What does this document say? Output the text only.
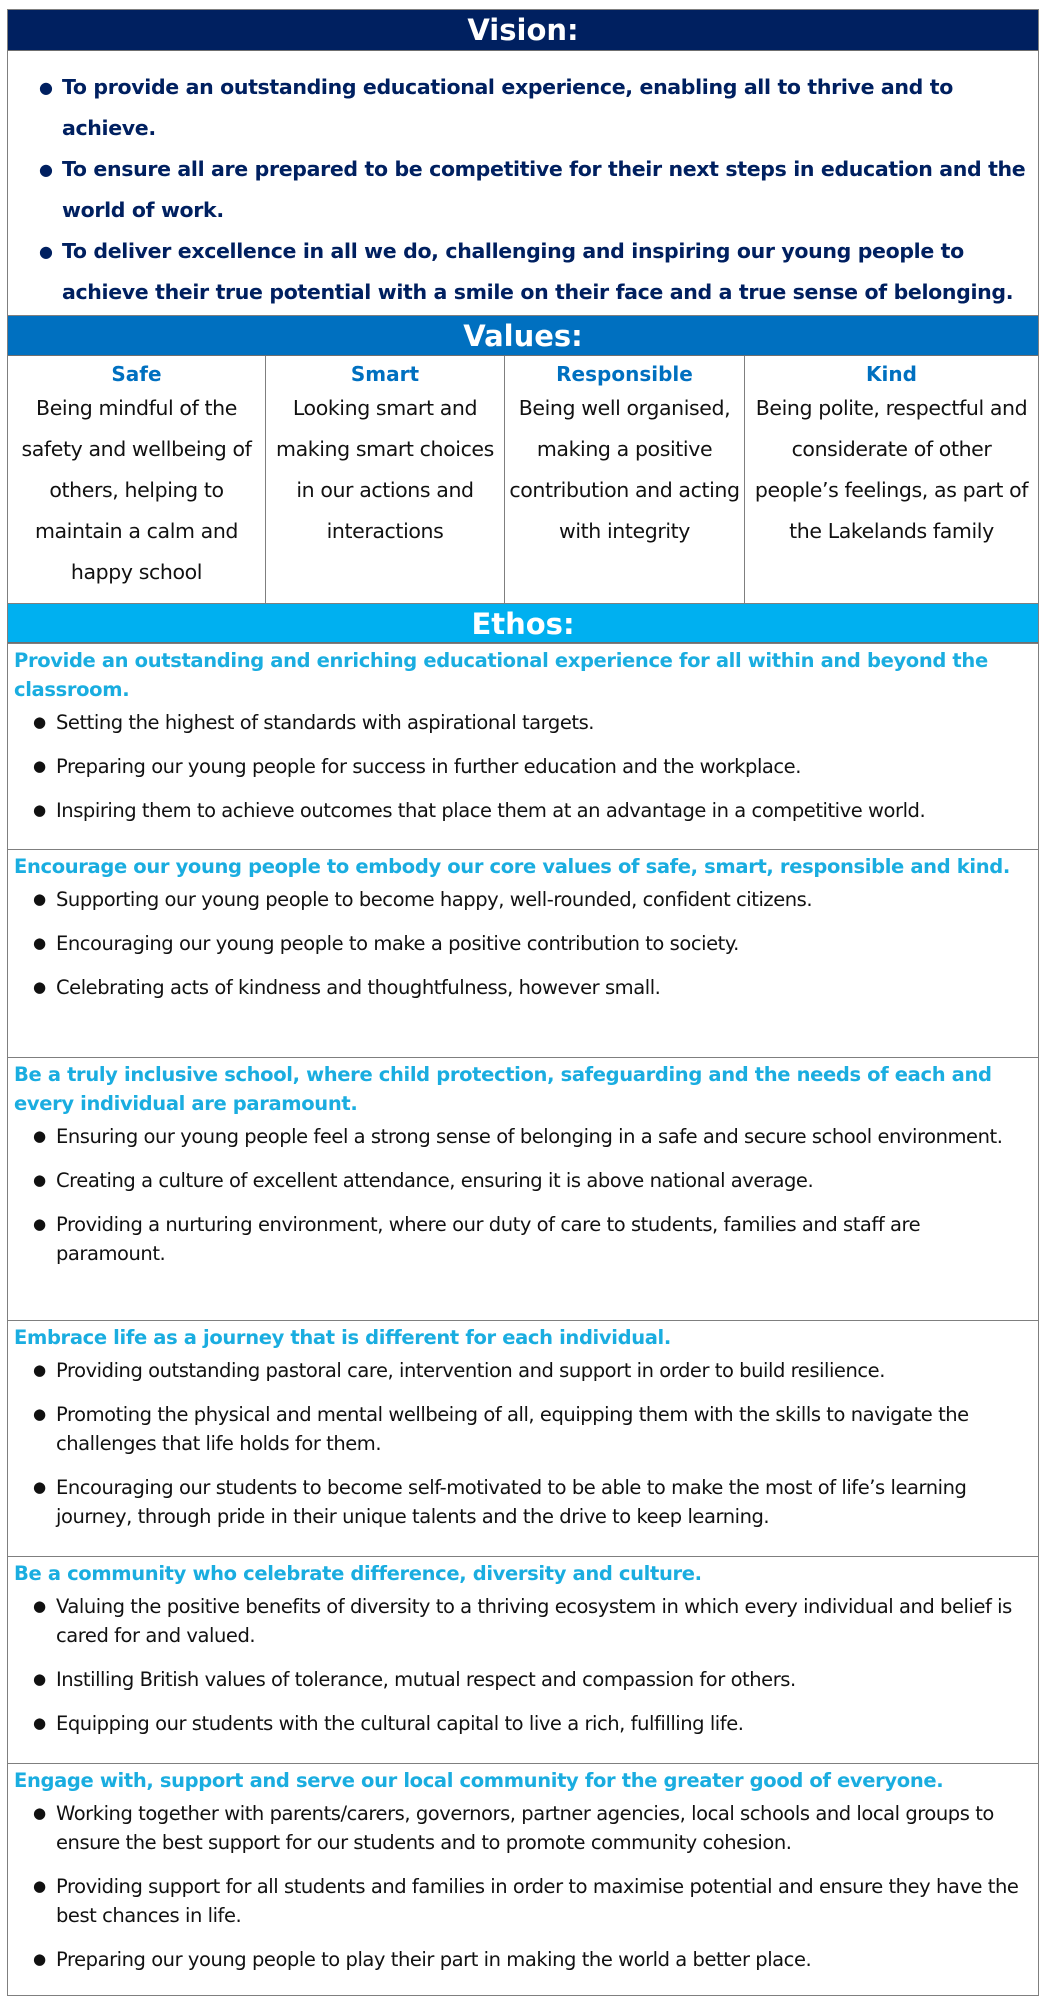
Vision:
● To provide an outstanding educational experience, enabling all to thrive and to achieve.
● To ensure all are prepared to be competitive for their next steps in education and the world of work.
● To deliver excellence in all we do, challenging and inspiring our young people to achieve their true potential with a smile on their face and a true sense of belonging.
Values:
Safe
Being mindful of the safety and wellbeing of others, helping to maintain a calm and happy school
Smart
Looking smart and making smart choices in our actions and interactions
Responsible
Being well organised, making a positive contribution and acting with integrity
Kind
Being polite, respectful and considerate of other people’s feelings, as part of the Lakelands family
Ethos:
Provide an outstanding and enriching educational experience for all within and beyond the classroom.
● Setting the highest of standards with aspirational targets.
● Preparing our young people for success in further education and the workplace.
● Inspiring them to achieve outcomes that place them at an advantage in a competitive world.
Encourage our young people to embody our core values of safe, smart, responsible and kind.
● Supporting our young people to become happy, well-rounded, confident citizens.
● Encouraging our young people to make a positive contribution to society.
● Celebrating acts of kindness and thoughtfulness, however small.
Be a truly inclusive school, where child protection, safeguarding and the needs of each and every individual are paramount.
● Ensuring our young people feel a strong sense of belonging in a safe and secure school environment.
● Creating a culture of excellent attendance, ensuring it is above national average.
● Providing a nurturing environment, where our duty of care to students, families and staff are paramount.
Embrace life as a journey that is different for each individual.
● Providing outstanding pastoral care, intervention and support in order to build resilience.
● Promoting the physical and mental wellbeing of all, equipping them with the skills to navigate the challenges that life holds for them.
● Encouraging our students to become self-motivated to be able to make the most of life’s learning journey, through pride in their unique talents and the drive to keep learning.
Be a community who celebrate difference, diversity and culture.
● Valuing the positive benefits of diversity to a thriving ecosystem in which every individual and belief is cared for and valued.
● Instilling British values of tolerance, mutual respect and compassion for others.
● Equipping our students with the cultural capital to live a rich, fulfilling life.
Engage with, support and serve our local community for the greater good of everyone.
● Working together with parents/carers, governors, partner agencies, local schools and local groups to ensure the best support for our students and to promote community cohesion.
● Providing support for all students and families in order to maximise potential and ensure they have the best chances in life.
● Preparing our young people to play their part in making the world a better place.
